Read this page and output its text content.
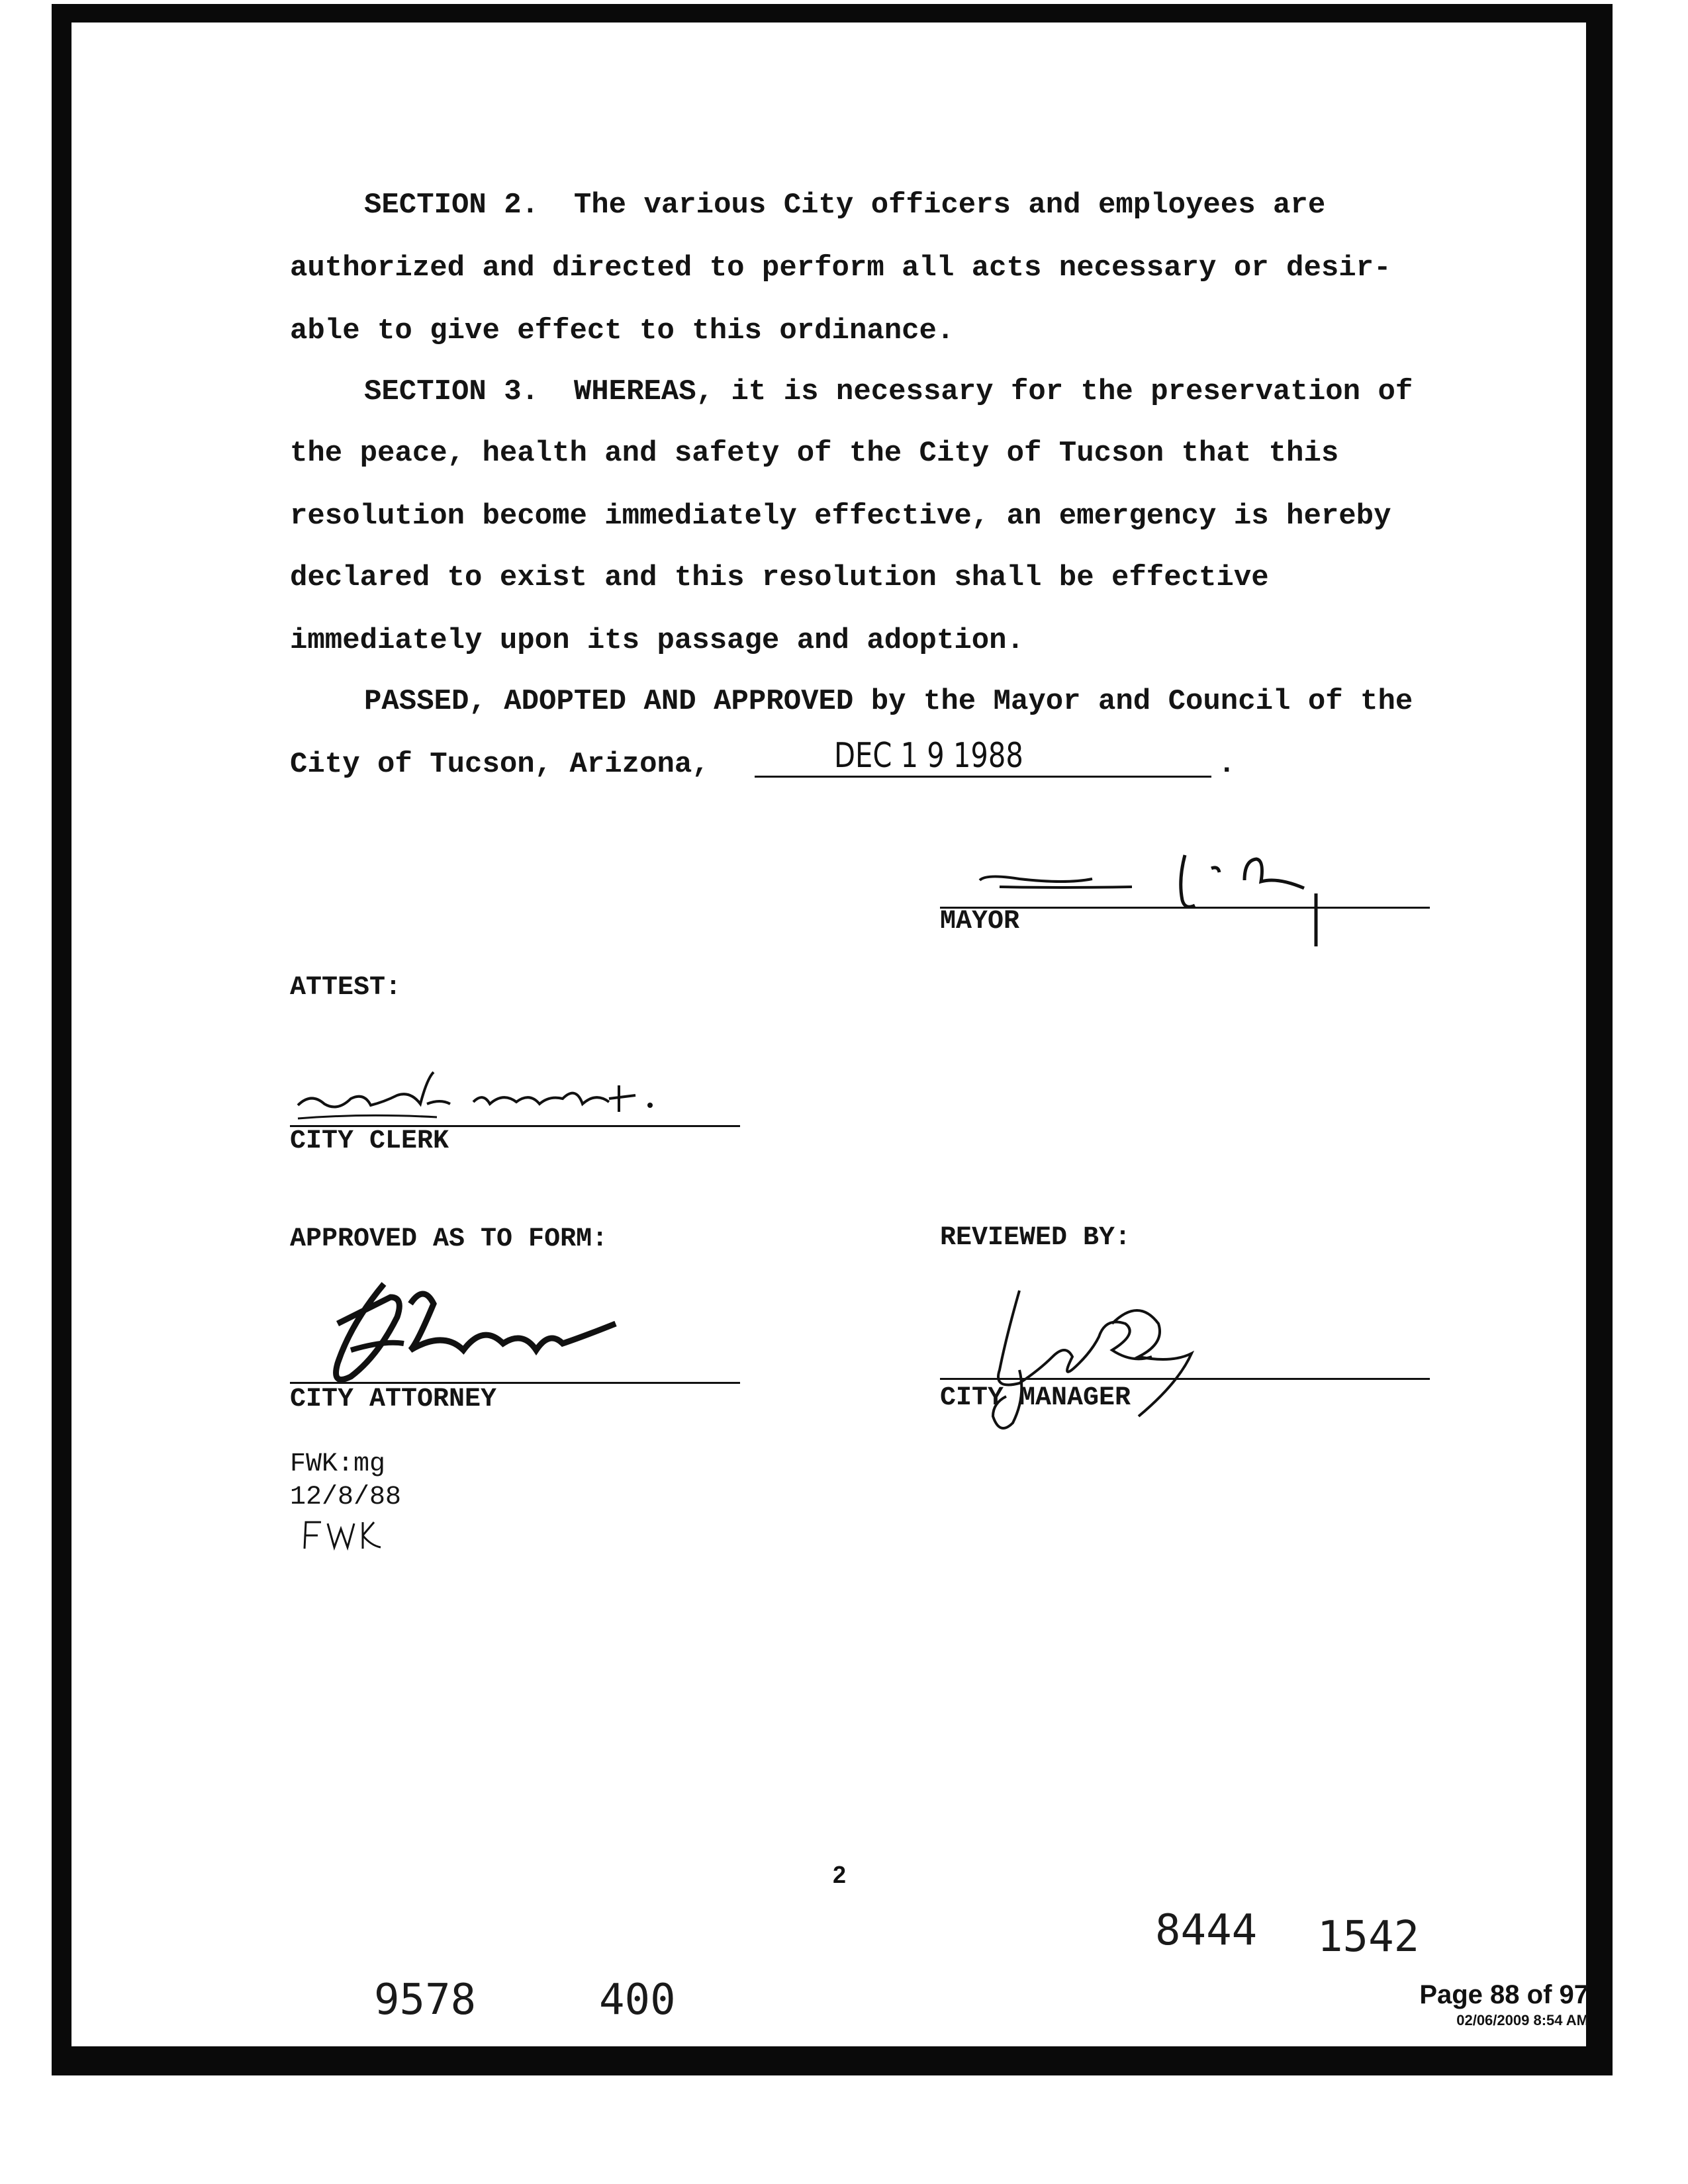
SECTION 2.  The various City officers and employees are
authorized and directed to perform all acts necessary or desir-
able to give effect to this ordinance.
SECTION 3.  WHEREAS, it is necessary for the preservation of
the peace, health and safety of the City of Tucson that this
resolution become immediately effective, an emergency is hereby
declared to exist and this resolution shall be effective
immediately upon its passage and adoption.
PASSED, ADOPTED AND APPROVED by the Mayor and Council of the
City of Tucson, Arizona,	DEC 1 9 1988	.
MAYOR
ATTEST:
CITY CLERK
APPROVED AS TO FORM:	REVIEWED BY:
CITY ATTORNEY	CITY MANAGER
FWK:mg
12/8/88
2
8444 1542
9578	400	Page 88 of 97
02/06/2009 8:54 AM
